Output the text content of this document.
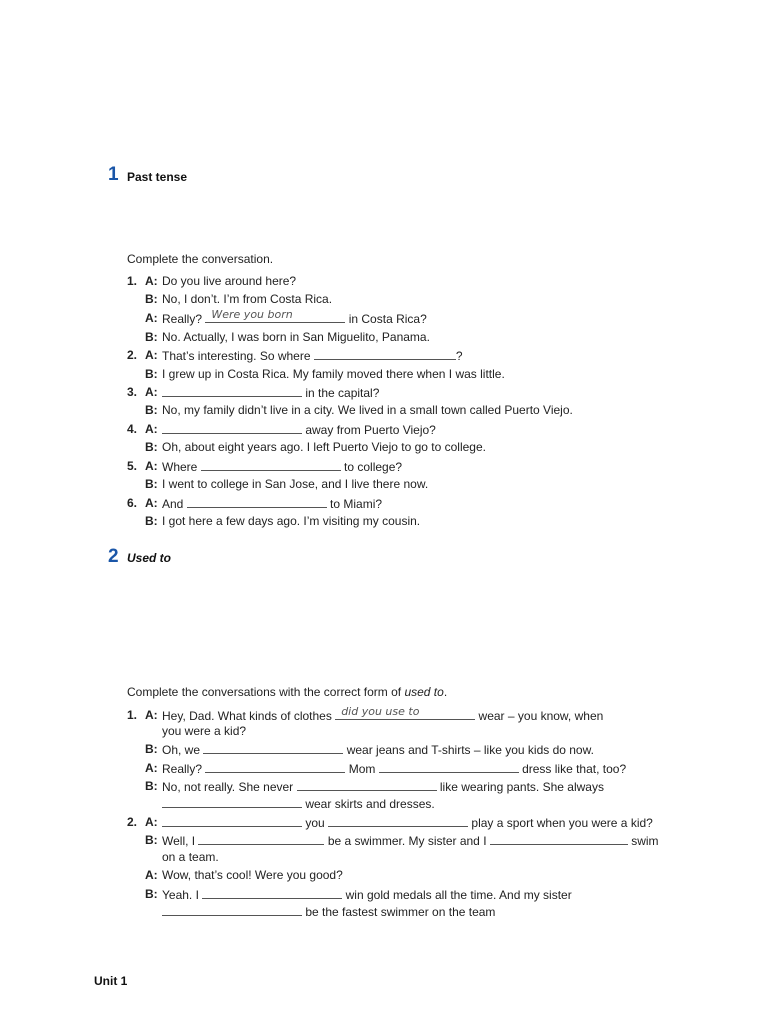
1 Past tense
Complete the conversation.
1. A: Do you live around here?
B: No, I don’t. I’m from Costa Rica.
A: Really? Were you born	in Costa Rica?
B: No. Actually, I was born in San Miguelito, Panama.
2. A: That’s interesting. So where	?
B: I grew up in Costa Rica. My family moved there when I was little.
3. A:	in the capital?
B: No, my family didn’t live in a city. We lived in a small town called Puerto Viejo.
4. A:	away from Puerto Viejo?
B: Oh, about eight years ago. I left Puerto Viejo to go to college.
5. A: Where	to college?
B: I went to college in San Jose, and I live there now.
6. A: And	to Miami?
B: I got here a few days ago. I’m visiting my cousin.
2 Used to
Complete the conversations with the correct form of used to.
1. A: Hey, Dad. What kinds of clothes did you use to	wear – you know, when
you were a kid?
B: Oh, we	wear jeans and T-shirts – like you kids do now.
A: Really?	Mom	dress like that, too?
B: No, not really. She never	like wearing pants. She always
wear skirts and dresses.
2. A:	you	play a sport when you were a kid?
B: Well, I	be a swimmer. My sister and I	swim
on a team.
A: Wow, that’s cool! Were you good?
B: Yeah. I	win gold medals all the time. And my sister
be the fastest swimmer on the team
Unit 1
